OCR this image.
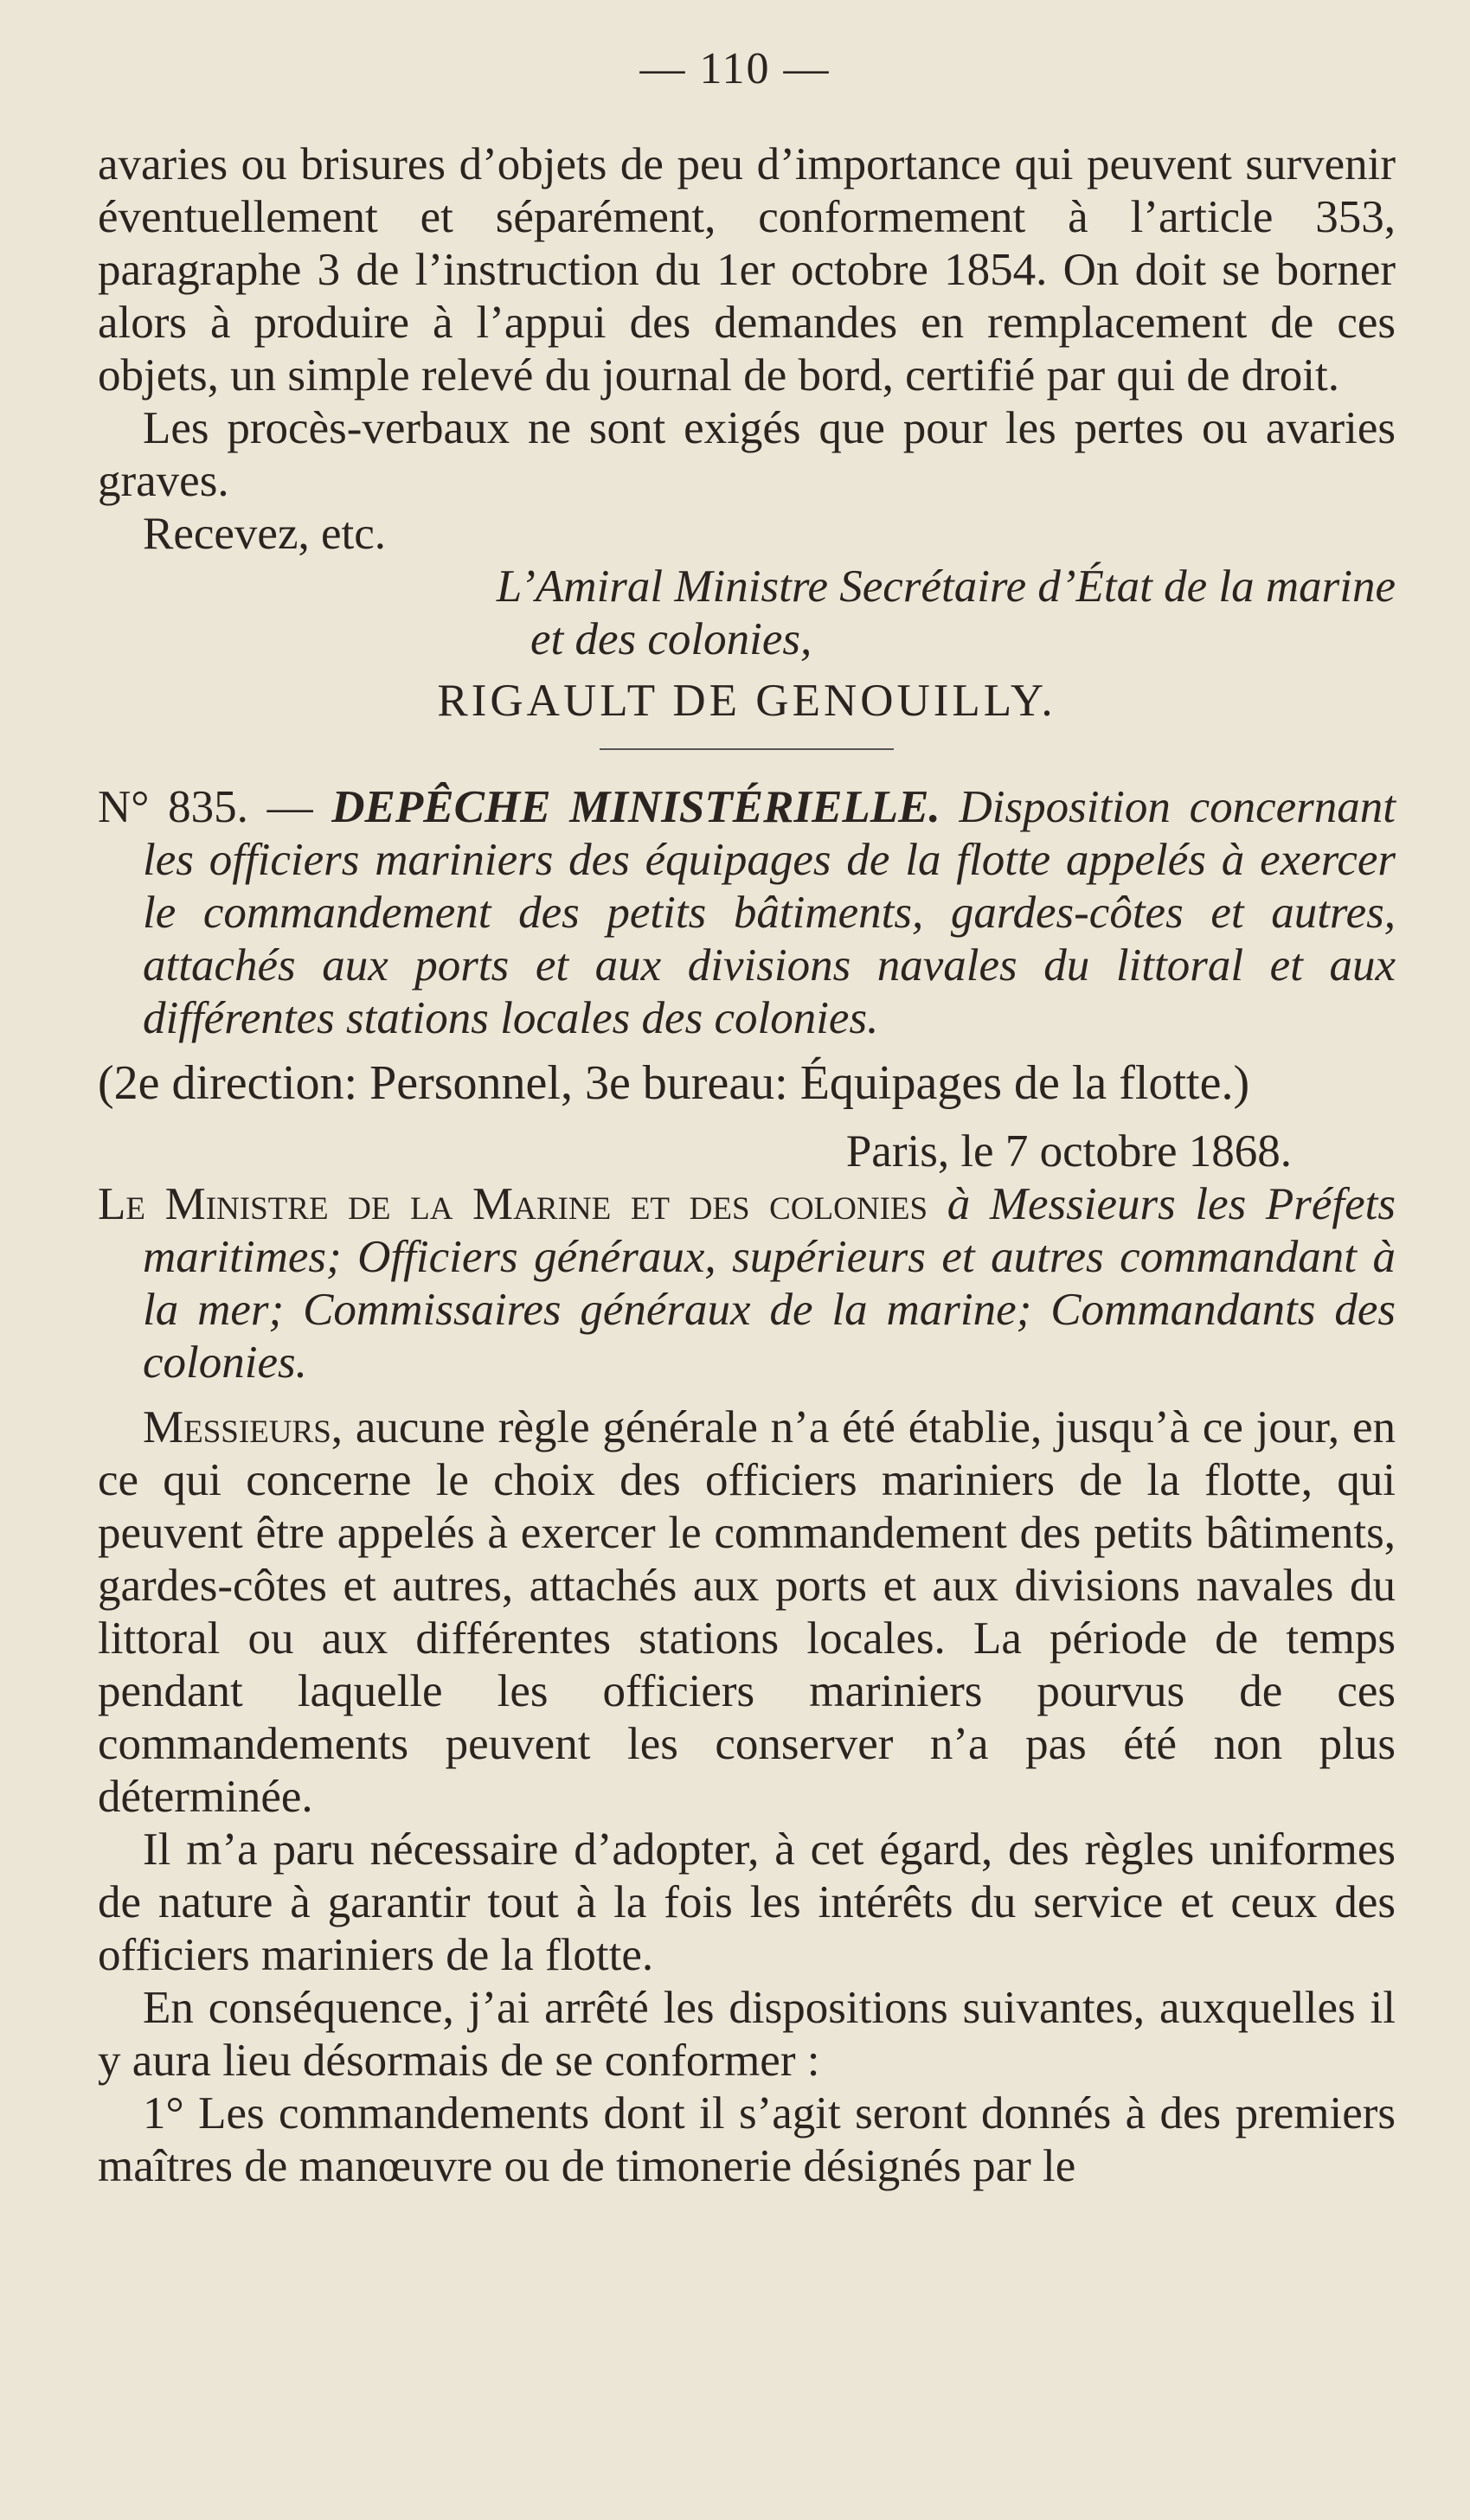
— 110 —

avaries ou brisures d’objets de peu d’importance qui peuvent survenir éventuellement et séparément, conformement à l’article 353, paragraphe 3 de l’instruction du 1er octobre 1854. On doit se borner alors à produire à l’appui des demandes en remplacement de ces objets, un simple relevé du journal de bord, certifié par qui de droit.

Les procès-verbaux ne sont exigés que pour les pertes ou avaries graves.

Recevez, etc.

L’Amiral Ministre Secrétaire d’État de la marine

et des colonies,

RIGAULT DE GENOUILLY.

N° 835. — DEPÊCHE MINISTÉRIELLE. Disposition concernant les officiers mariniers des équipages de la flotte appelés à exercer le commandement des petits bâtiments, gardes-côtes et autres, attachés aux ports et aux divisions navales du littoral et aux différentes stations locales des colonies.

(2e direction: Personnel, 3e bureau: Équipages de la flotte.)

Paris, le 7 octobre 1868.

Le Ministre de la Marine et des colonies à Messieurs les Préfets maritimes; Officiers généraux, supérieurs et autres commandant à la mer; Commissaires généraux de la marine; Commandants des colonies.

Messieurs, aucune règle générale n’a été établie, jusqu’à ce jour, en ce qui concerne le choix des officiers mariniers de la flotte, qui peuvent être appelés à exercer le commandement des petits bâtiments, gardes-côtes et autres, attachés aux ports et aux divisions navales du littoral ou aux différentes stations locales. La période de temps pendant laquelle les officiers mariniers pourvus de ces commandements peuvent les conserver n’a pas été non plus déterminée.

Il m’a paru nécessaire d’adopter, à cet égard, des règles uniformes de nature à garantir tout à la fois les intérêts du service et ceux des officiers mariniers de la flotte.

En conséquence, j’ai arrêté les dispositions suivantes, auxquelles il y aura lieu désormais de se conformer :

1° Les commandements dont il s’agit seront donnés à des premiers maîtres de manœuvre ou de timonerie désignés par le
